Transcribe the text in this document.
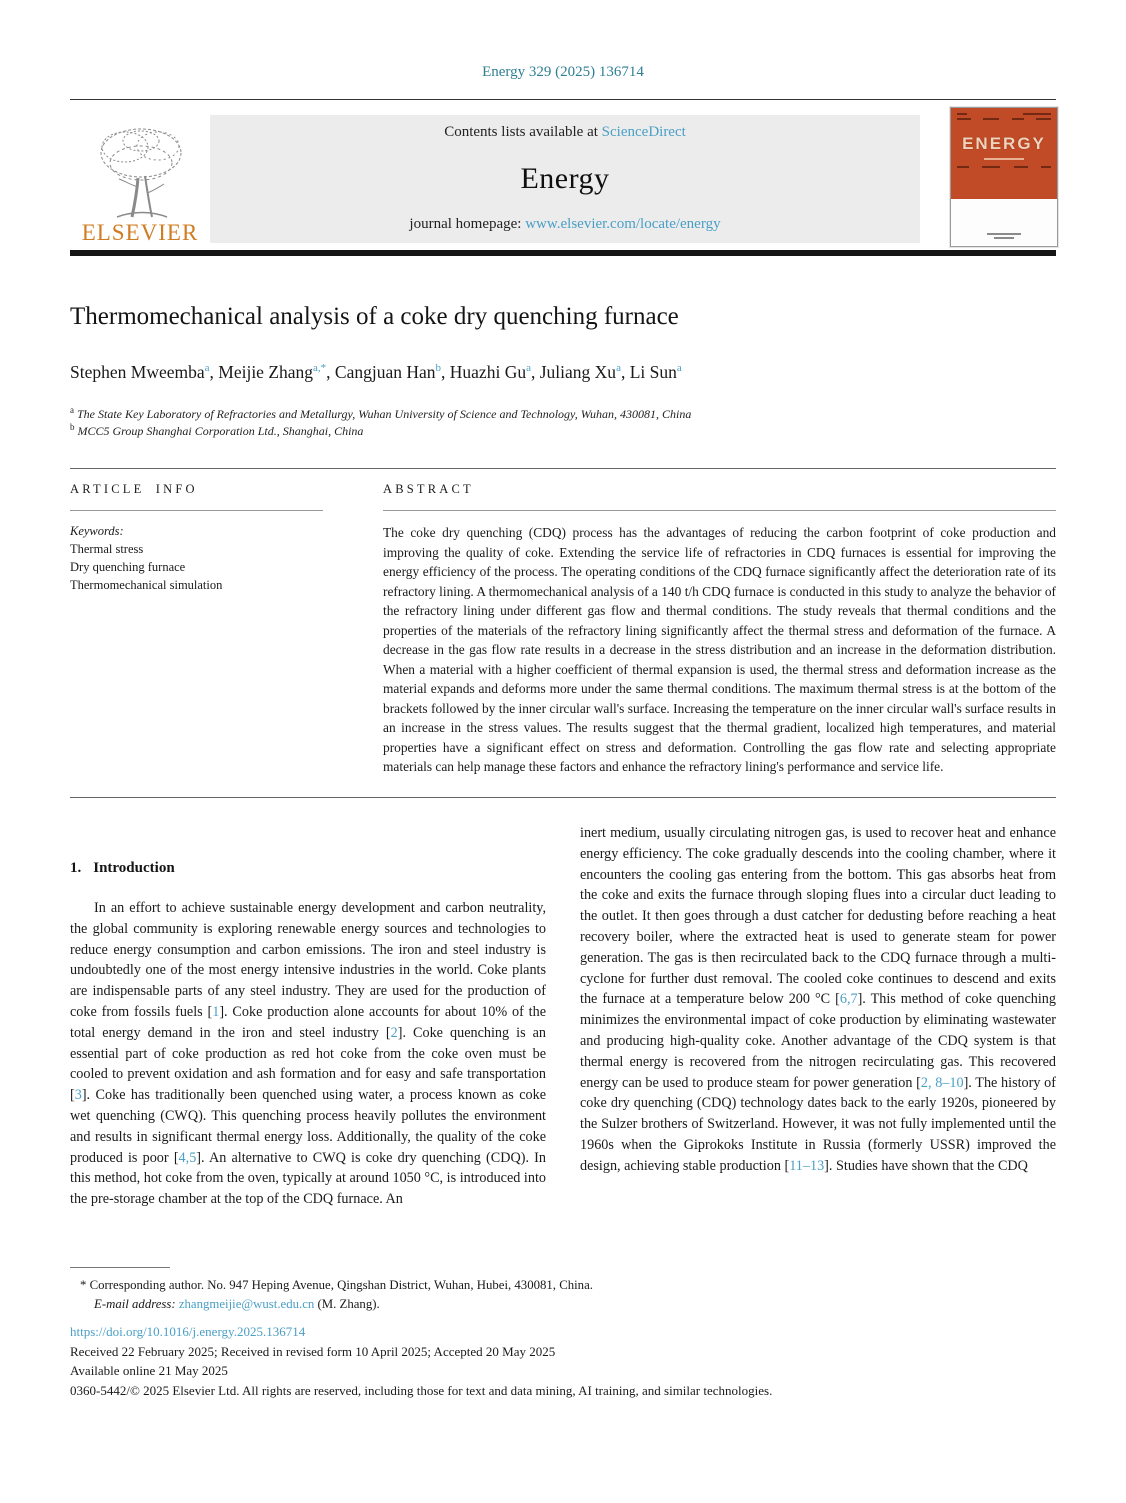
Energy 329 (2025) 136714
Contents lists available at ScienceDirect
Energy
journal homepage: www.elsevier.com/locate/energy
ELSEVIER
ENERGY
Thermomechanical analysis of a coke dry quenching furnace
Stephen Mweemba$^a$, Meijie Zhang$^{a,*}$, Cangjuan Han$^b$, Huazhi Gu$^a$, Juliang Xu$^a$, Li Sun$^a$
$^a$ The State Key Laboratory of Refractories and Metallurgy, Wuhan University of Science and Technology, Wuhan, 430081, China
$^b$ MCC5 Group Shanghai Corporation Ltd., Shanghai, China
ARTICLE INFO
Keywords:
Thermal stress
Dry quenching furnace
Thermomechanical simulation
ABSTRACT
The coke dry quenching (CDQ) process has the advantages of reducing the carbon footprint of coke production and improving the quality of coke. Extending the service life of refractories in CDQ furnaces is essential for improving the energy efficiency of the process. The operating conditions of the CDQ furnace significantly affect the deterioration rate of its refractory lining. A thermomechanical analysis of a 140 t/h CDQ furnace is conducted in this study to analyze the behavior of the refractory lining under different gas flow and thermal conditions. The study reveals that thermal conditions and the properties of the materials of the refractory lining significantly affect the thermal stress and deformation of the furnace. A decrease in the gas flow rate results in a decrease in the stress distribution and an increase in the deformation distribution. When a material with a higher coefficient of thermal expansion is used, the thermal stress and deformation increase as the material expands and deforms more under the same thermal conditions. The maximum thermal stress is at the bottom of the brackets followed by the inner circular wall's surface. Increasing the temperature on the inner circular wall's surface results in an increase in the stress values. The results suggest that the thermal gradient, localized high temperatures, and material properties have a significant effect on stress and deformation. Controlling the gas flow rate and selecting appropriate materials can help manage these factors and enhance the refractory lining's performance and service life.
1. Introduction
In an effort to achieve sustainable energy development and carbon neutrality, the global community is exploring renewable energy sources and technologies to reduce energy consumption and carbon emissions. The iron and steel industry is undoubtedly one of the most energy intensive industries in the world. Coke plants are indispensable parts of any steel industry. They are used for the production of coke from fossils fuels [1]. Coke production alone accounts for about 10% of the total energy demand in the iron and steel industry [2]. Coke quenching is an essential part of coke production as red hot coke from the coke oven must be cooled to prevent oxidation and ash formation and for easy and safe transportation [3]. Coke has traditionally been quenched using water, a process known as coke wet quenching (CWQ). This quenching process heavily pollutes the environment and results in significant thermal energy loss. Additionally, the quality of the coke produced is poor [4,5]. An alternative to CWQ is coke dry quenching (CDQ). In this method, hot coke from the oven, typically at around 1050 °C, is introduced into the pre-storage chamber at the top of the CDQ furnace. An
inert medium, usually circulating nitrogen gas, is used to recover heat and enhance energy efficiency. The coke gradually descends into the cooling chamber, where it encounters the cooling gas entering from the bottom. This gas absorbs heat from the coke and exits the furnace through sloping flues into a circular duct leading to the outlet. It then goes through a dust catcher for dedusting before reaching a heat recovery boiler, where the extracted heat is used to generate steam for power generation. The gas is then recirculated back to the CDQ furnace through a multi-cyclone for further dust removal. The cooled coke continues to descend and exits the furnace at a temperature below 200 °C [6,7]. This method of coke quenching minimizes the environmental impact of coke production by eliminating wastewater and producing high-quality coke. Another advantage of the CDQ system is that thermal energy is recovered from the nitrogen recirculating gas. This recovered energy can be used to produce steam for power generation [2, 8–10]. The history of coke dry quenching (CDQ) technology dates back to the early 1920s, pioneered by the Sulzer brothers of Switzerland. However, it was not fully implemented until the 1960s when the Giprokoks Institute in Russia (formerly USSR) improved the design, achieving stable production [11–13]. Studies have shown that the CDQ
* Corresponding author. No. 947 Heping Avenue, Qingshan District, Wuhan, Hubei, 430081, China.
E-mail address: zhangmeijie@wust.edu.cn (M. Zhang).
https://doi.org/10.1016/j.energy.2025.136714
Received 22 February 2025; Received in revised form 10 April 2025; Accepted 20 May 2025
Available online 21 May 2025
0360-5442/© 2025 Elsevier Ltd. All rights are reserved, including those for text and data mining, AI training, and similar technologies.
